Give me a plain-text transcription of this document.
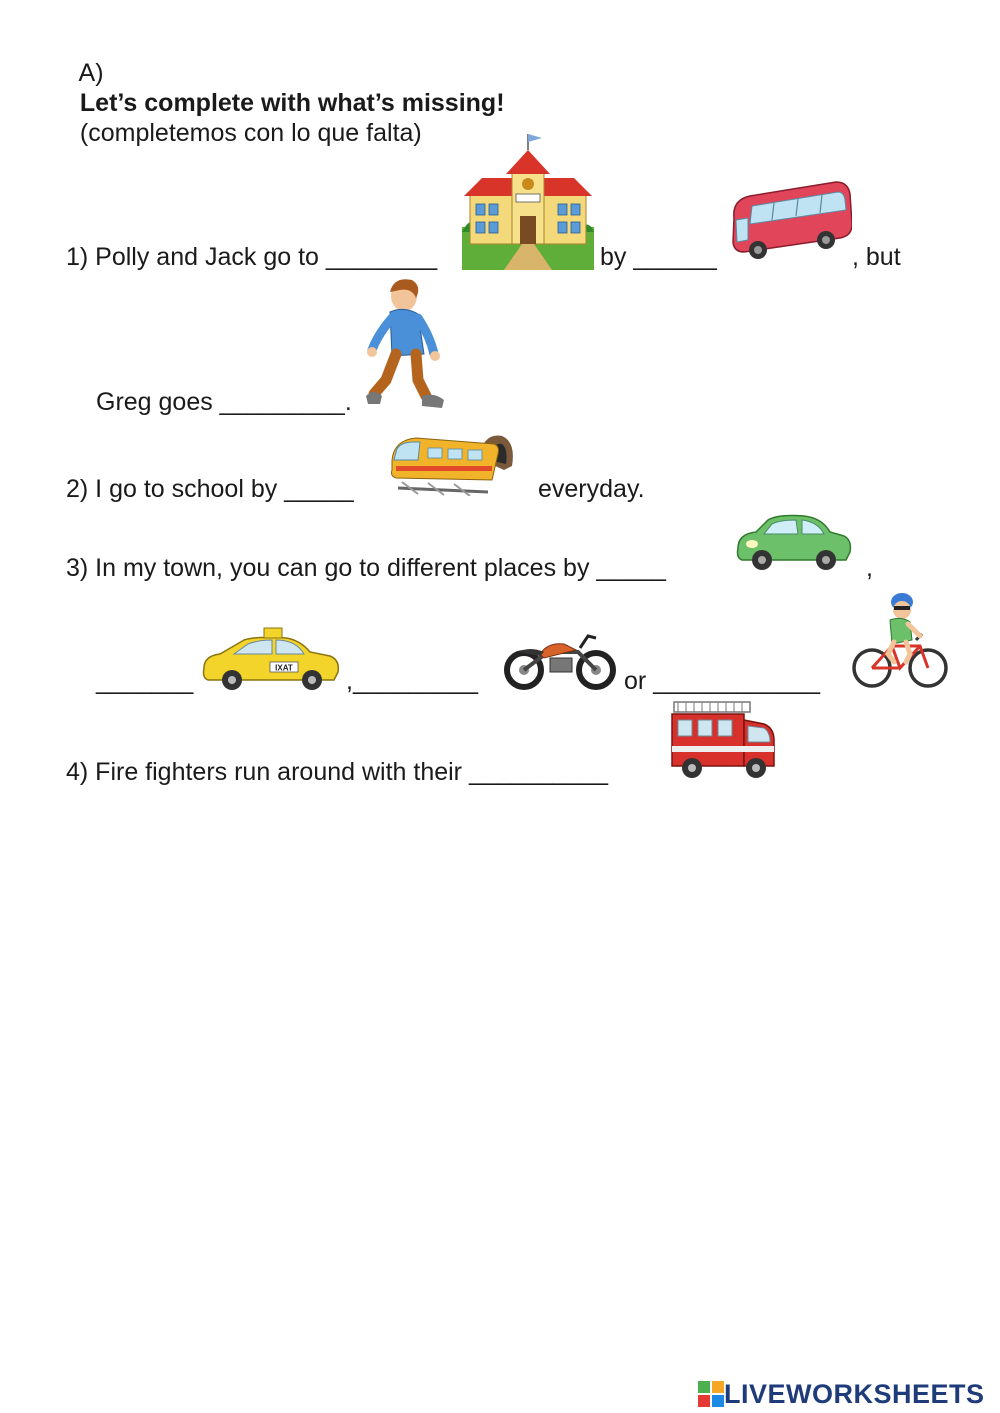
A)
Let’s complete with what’s missing!
(completemos con lo que falta)

1) Polly and Jack go to ________	by ______	, but
Greg goes _________.
2) I go to school by _____	everyday.
3) In my town, you can go to different places by _____	,
_______	IXAT ,_________	or ____________
4) Fire fighters run around with their __________
LIVEWORKSHEETS
